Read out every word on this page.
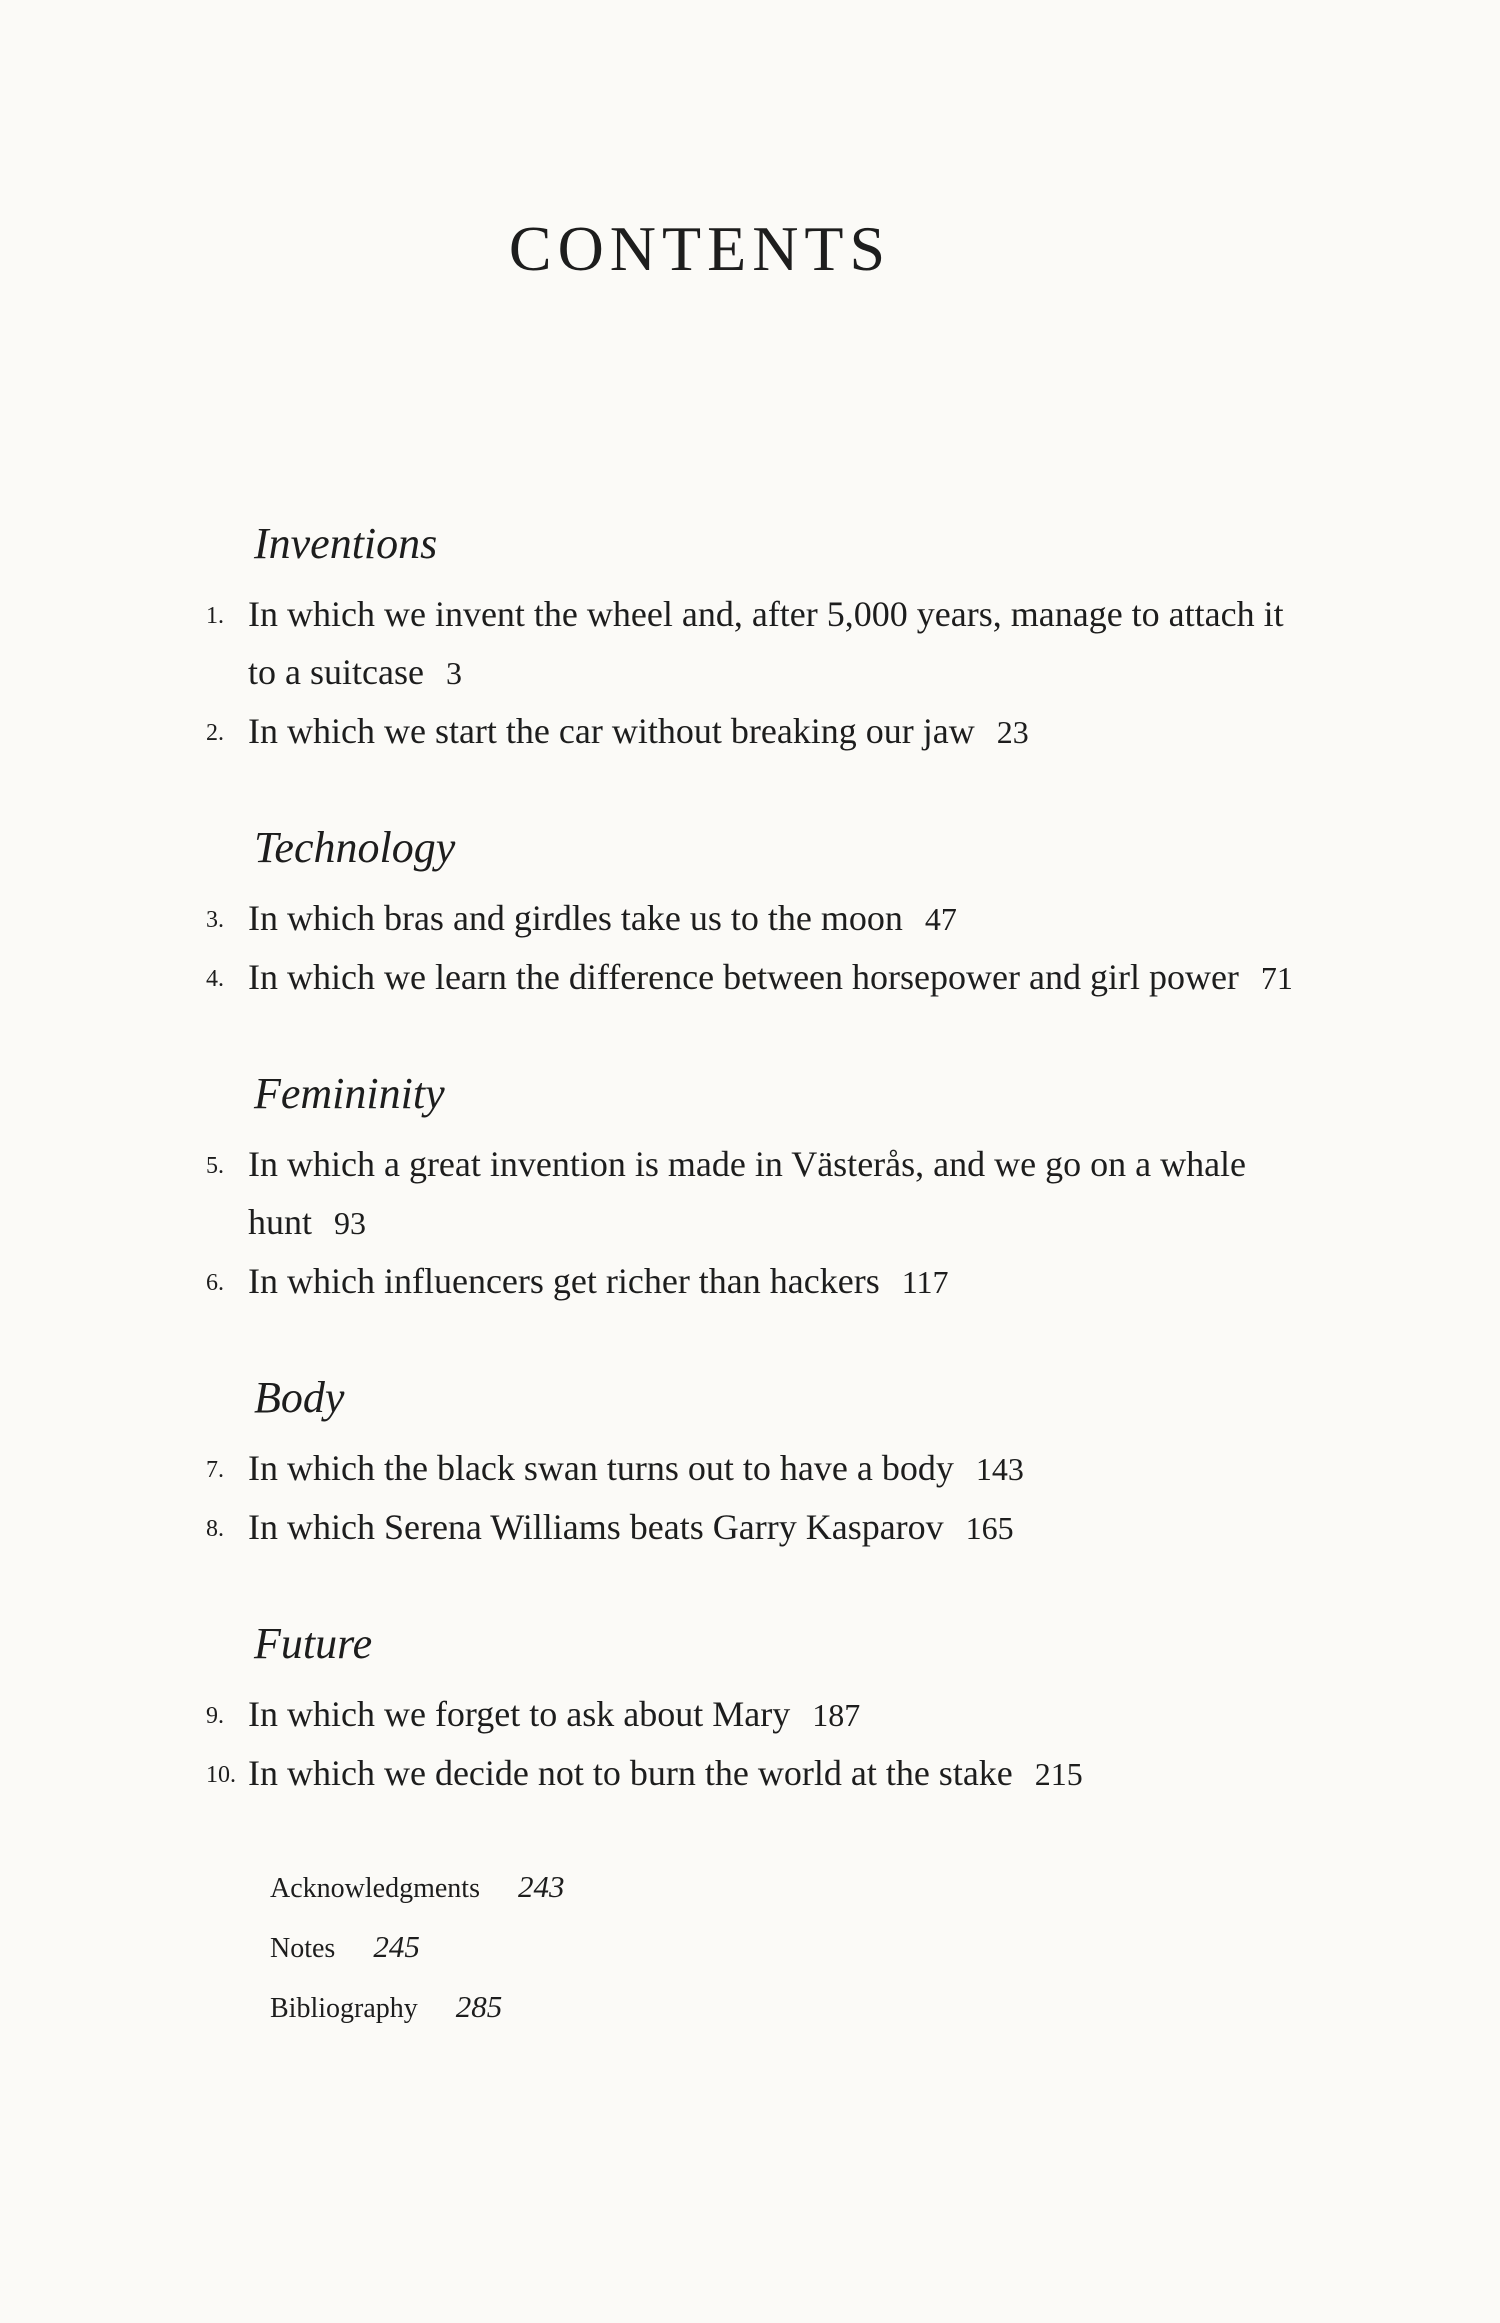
CONTENTS
Inventions
1. In which we invent the wheel and, after 5,000 years, manage to attach it to a suitcase 3
2. In which we start the car without breaking our jaw 23
Technology
3. In which bras and girdles take us to the moon 47
4. In which we learn the difference between horsepower and girl power 71
Femininity
5. In which a great invention is made in Västerås, and we go on a whale hunt 93
6. In which influencers get richer than hackers 117
Body
7. In which the black swan turns out to have a body 143
8. In which Serena Williams beats Garry Kasparov 165
Future
9. In which we forget to ask about Mary 187
10. In which we decide not to burn the world at the stake 215

Acknowledgments 243

Notes 245

Bibliography 285
